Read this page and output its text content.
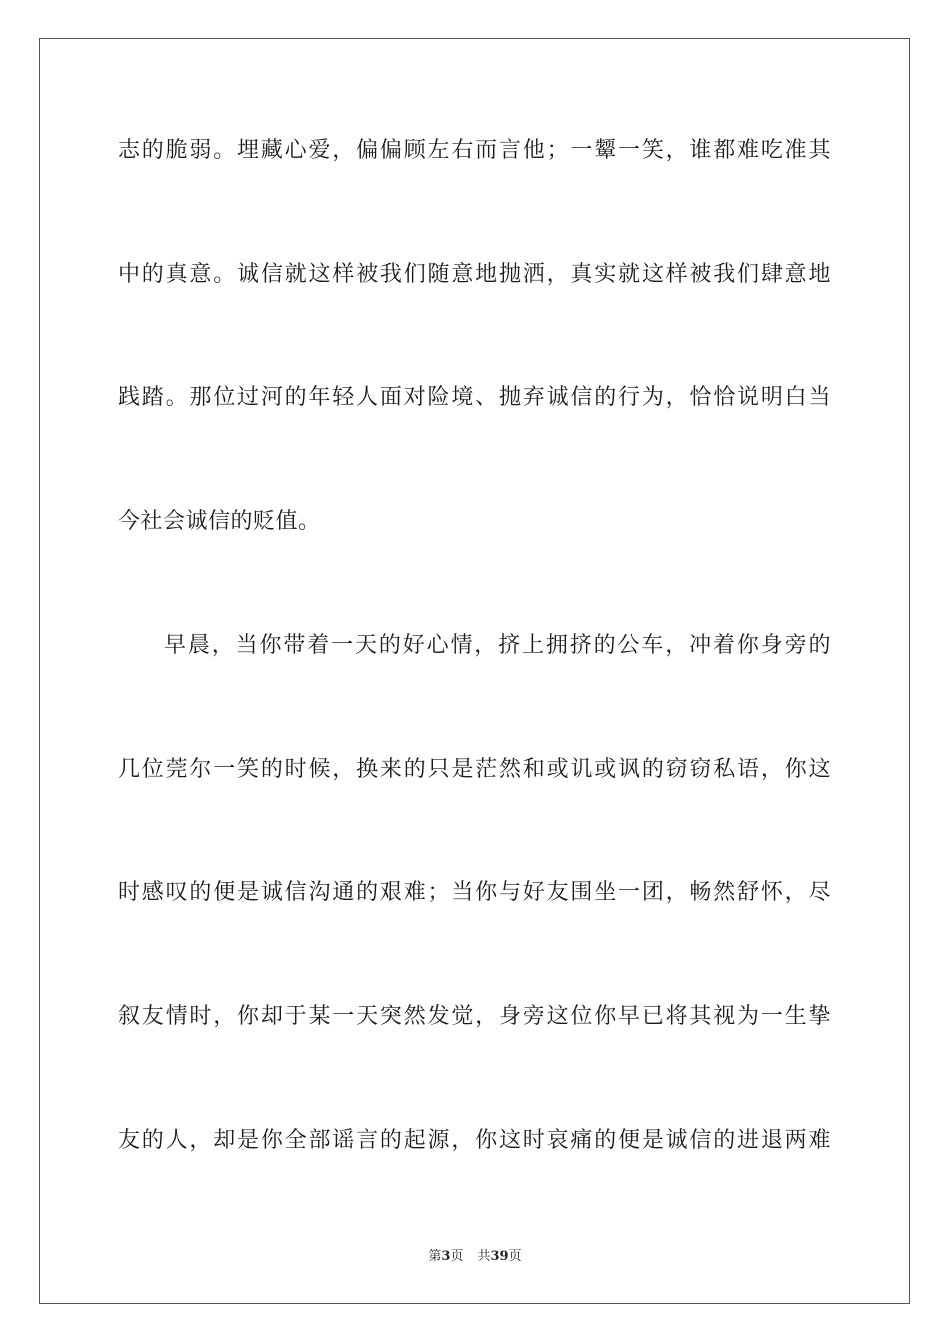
志的脆弱。埋藏心爱，偏偏顾左右而言他；一颦一笑，谁都难吃准其
中的真意。诚信就这样被我们随意地抛洒，真实就这样被我们肆意地
践踏。那位过河的年轻人面对险境、抛弃诚信的行为，恰恰说明白当
今社会诚信的贬值。
早晨，当你带着一天的好心情，挤上拥挤的公车，冲着你身旁的
几位莞尔一笑的时候，换来的只是茫然和或讥或讽的窃窃私语，你这
时感叹的便是诚信沟通的艰难；当你与好友围坐一团，畅然舒怀，尽
叙友情时，你却于某一天突然发觉，身旁这位你早已将其视为一生挚
友的人，却是你全部谣言的起源，你这时哀痛的便是诚信的进退两难
第3页 共39页
